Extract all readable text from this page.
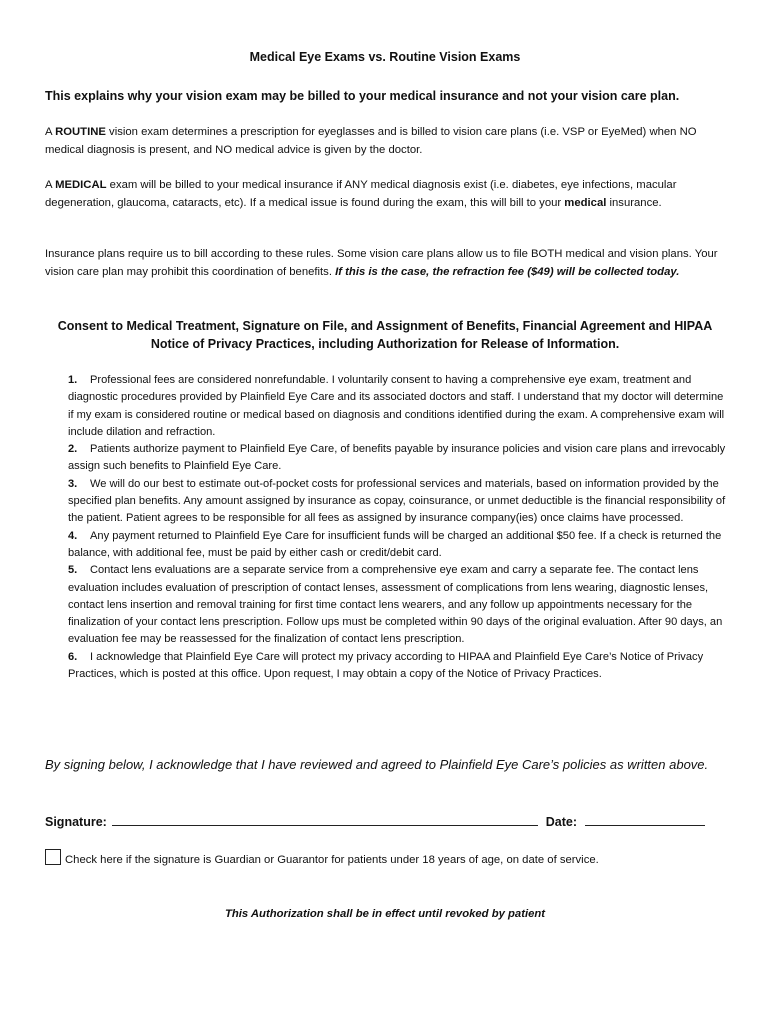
Medical Eye Exams vs. Routine Vision Exams
This explains why your vision exam may be billed to your medical insurance and not your vision care plan.
A ROUTINE vision exam determines a prescription for eyeglasses and is billed to vision care plans (i.e. VSP or EyeMed) when NO medical diagnosis is present, and NO medical advice is given by the doctor.
A MEDICAL exam will be billed to your medical insurance if ANY medical diagnosis exist (i.e. diabetes, eye infections, macular degeneration, glaucoma, cataracts, etc). If a medical issue is found during the exam, this will bill to your medical insurance.
Insurance plans require us to bill according to these rules. Some vision care plans allow us to file BOTH medical and vision plans. Your vision care plan may prohibit this coordination of benefits. If this is the case, the refraction fee ($49) will be collected today.
Consent to Medical Treatment, Signature on File, and Assignment of Benefits, Financial Agreement and HIPAA Notice of Privacy Practices, including Authorization for Release of Information.

1. Professional fees are considered nonrefundable. I voluntarily consent to having a comprehensive eye exam, treatment and diagnostic procedures provided by Plainfield Eye Care and its associated doctors and staff. I understand that my doctor will determine if my exam is considered routine or medical based on diagnosis and conditions identified during the exam. A comprehensive exam will include dilation and refraction.

2. Patients authorize payment to Plainfield Eye Care, of benefits payable by insurance policies and vision care plans and irrevocably assign such benefits to Plainfield Eye Care.

3. We will do our best to estimate out-of-pocket costs for professional services and materials, based on information provided by the specified plan benefits. Any amount assigned by insurance as copay, coinsurance, or unmet deductible is the financial responsibility of the patient. Patient agrees to be responsible for all fees as assigned by insurance company(ies) once claims have processed.

4. Any payment returned to Plainfield Eye Care for insufficient funds will be charged an additional $50 fee. If a check is returned the balance, with additional fee, must be paid by either cash or credit/debit card.

5. Contact lens evaluations are a separate service from a comprehensive eye exam and carry a separate fee. The contact lens evaluation includes evaluation of prescription of contact lenses, assessment of complications from lens wearing, diagnostic lenses, contact lens insertion and removal training for first time contact lens wearers, and any follow up appointments necessary for the finalization of your contact lens prescription. Follow ups must be completed within 90 days of the original evaluation. After 90 days, an evaluation fee may be reassessed for the finalization of contact lens prescription.

6. I acknowledge that Plainfield Eye Care will protect my privacy according to HIPAA and Plainfield Eye Care’s Notice of Privacy Practices, which is posted at this office. Upon request, I may obtain a copy of the Notice of Privacy Practices.

By signing below, I acknowledge that I have reviewed and agreed to Plainfield Eye Care’s policies as written above.
Signature:	Date:
Check here if the signature is Guardian or Guarantor for patients under 18 years of age, on date of service.
This Authorization shall be in effect until revoked by patient
